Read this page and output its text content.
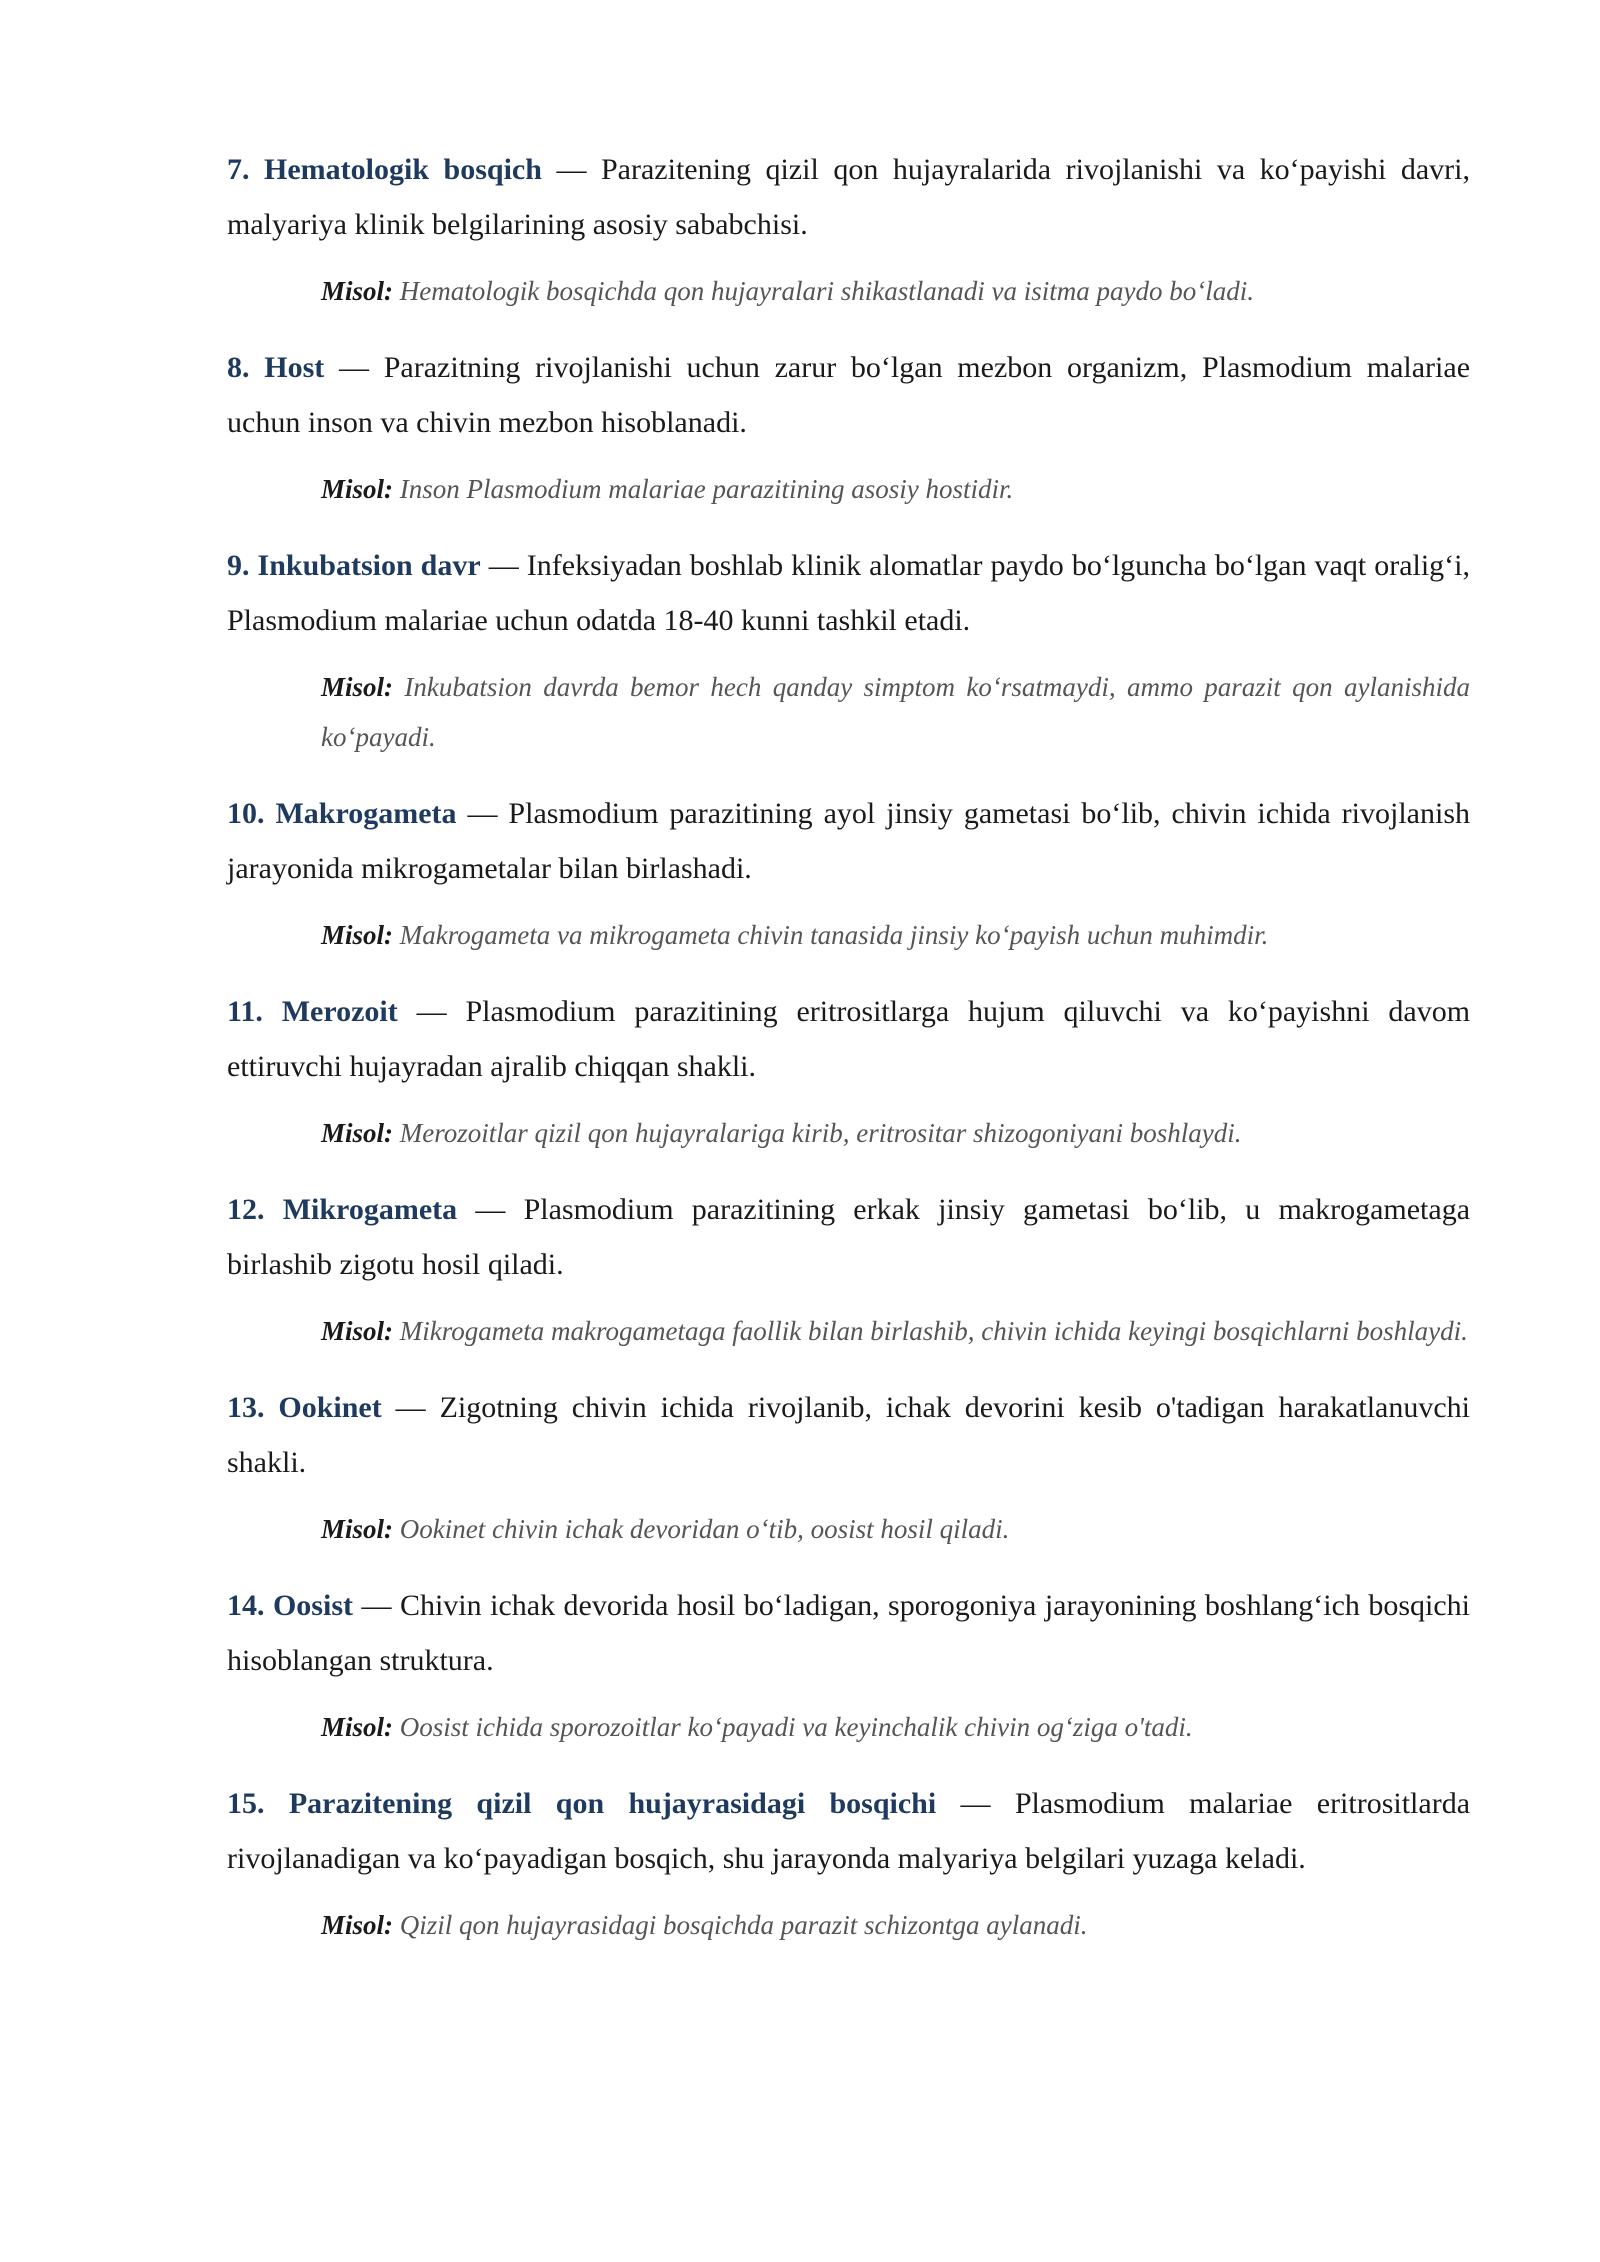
7. Hematologik bosqich — Parazitening qizil qon hujayralarida rivojlanishi va ko‘payishi davri, malyariya klinik belgilarining asosiy sababchisi.

Misol: Hematologik bosqichda qon hujayralari shikastlanadi va isitma paydo bo‘ladi.

8. Host — Parazitning rivojlanishi uchun zarur bo‘lgan mezbon organizm, Plasmodium malariae uchun inson va chivin mezbon hisoblanadi.

Misol: Inson Plasmodium malariae parazitining asosiy hostidir.

9. Inkubatsion davr — Infeksiyadan boshlab klinik alomatlar paydo bo‘lguncha bo‘lgan vaqt oralig‘i, Plasmodium malariae uchun odatda 18-40 kunni tashkil etadi.

Misol: Inkubatsion davrda bemor hech qanday simptom ko‘rsatmaydi, ammo parazit qon aylanishida ko‘payadi.

10. Makrogameta — Plasmodium parazitining ayol jinsiy gametasi bo‘lib, chivin ichida rivojlanish jarayonida mikrogametalar bilan birlashadi.

Misol: Makrogameta va mikrogameta chivin tanasida jinsiy ko‘payish uchun muhimdir.

11. Merozoit — Plasmodium parazitining eritrositlarga hujum qiluvchi va ko‘payishni davom ettiruvchi hujayradan ajralib chiqqan shakli.

Misol: Merozoitlar qizil qon hujayralariga kirib, eritrositar shizogoniyani boshlaydi.

12. Mikrogameta — Plasmodium parazitining erkak jinsiy gametasi bo‘lib, u makrogametaga birlashib zigotu hosil qiladi.

Misol: Mikrogameta makrogametaga faollik bilan birlashib, chivin ichida keyingi bosqichlarni boshlaydi.

13. Ookinet — Zigotning chivin ichida rivojlanib, ichak devorini kesib o'tadigan harakatlanuvchi shakli.

Misol: Ookinet chivin ichak devoridan o‘tib, oosist hosil qiladi.

14. Oosist — Chivin ichak devorida hosil bo‘ladigan, sporogoniya jarayonining boshlang‘ich bosqichi hisoblangan struktura.

Misol: Oosist ichida sporozoitlar ko‘payadi va keyinchalik chivin og‘ziga o'tadi.

15. Parazitening qizil qon hujayrasidagi bosqichi — Plasmodium malariae eritrositlarda rivojlanadigan va ko‘payadigan bosqich, shu jarayonda malyariya belgilari yuzaga keladi.

Misol: Qizil qon hujayrasidagi bosqichda parazit schizontga aylanadi.
